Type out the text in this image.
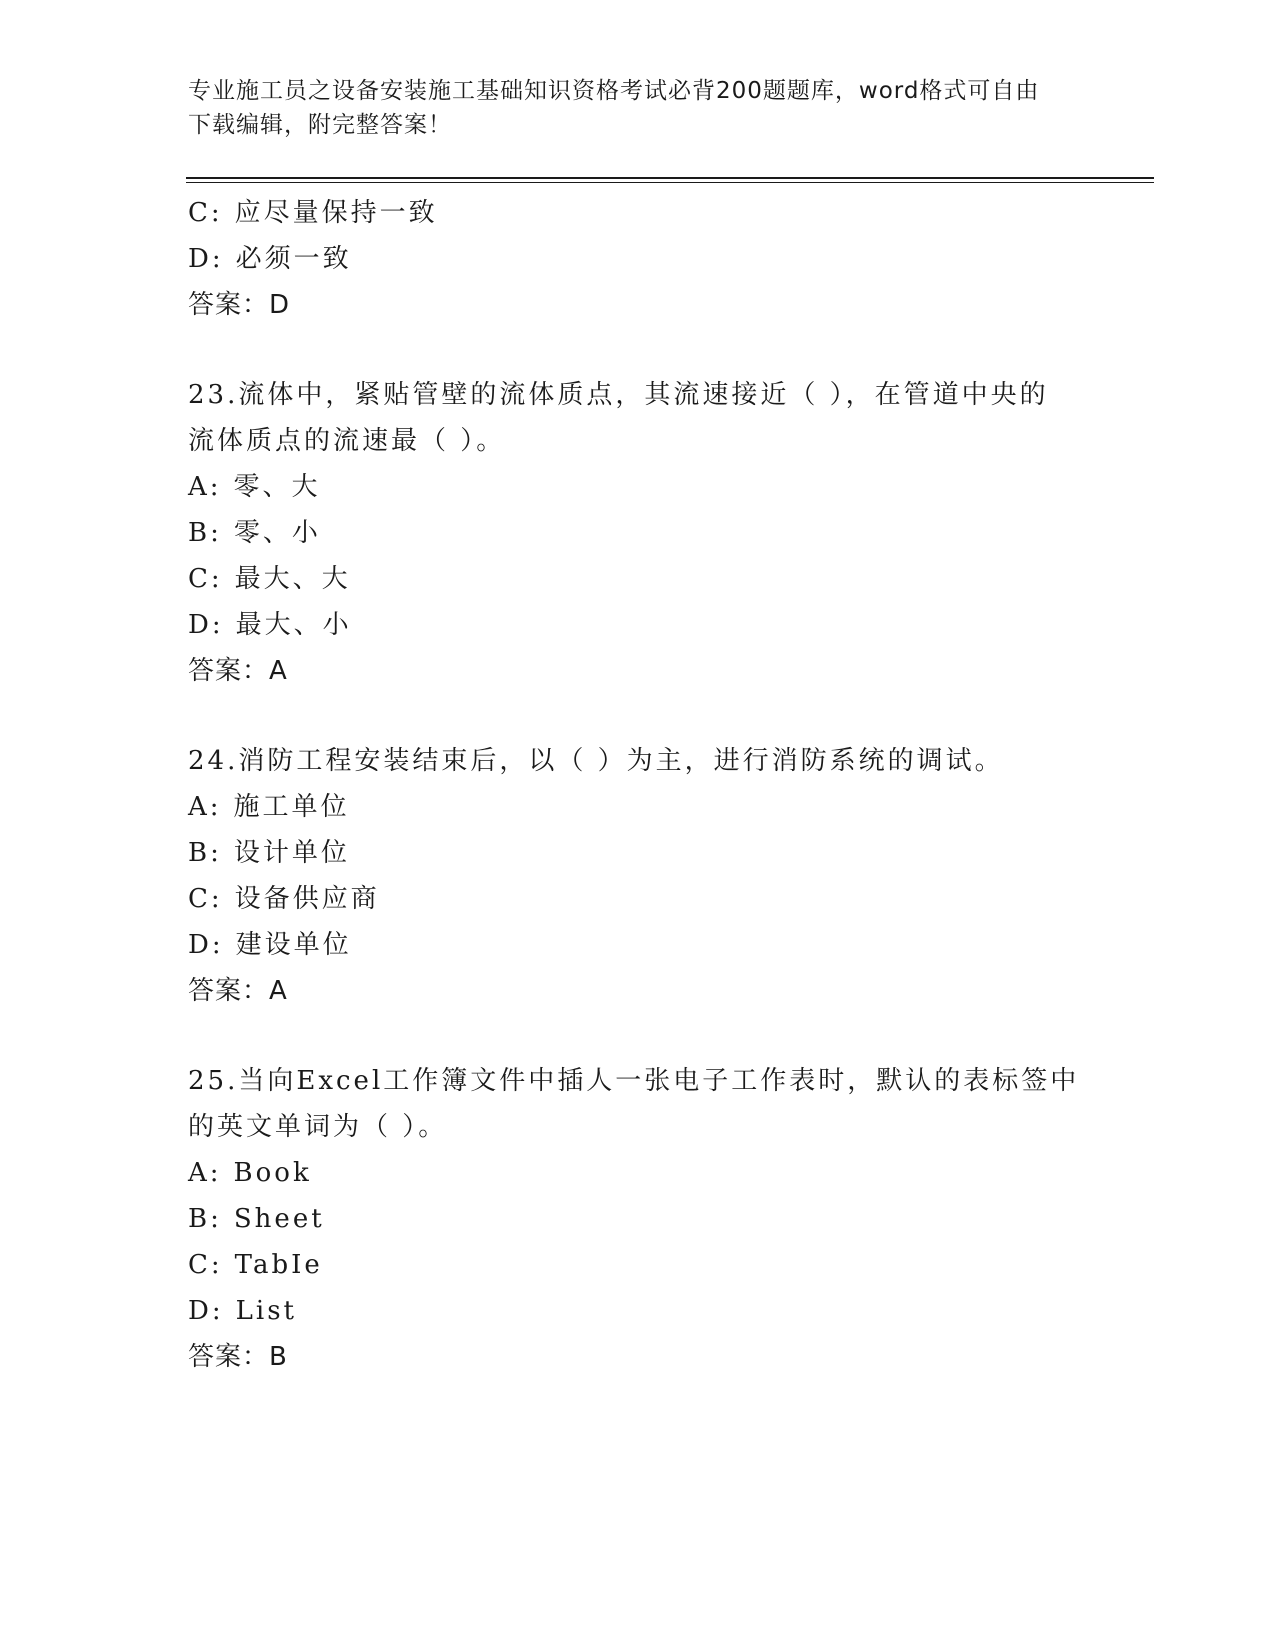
专业施工员之设备安装施工基础知识资格考试必背200题题库，word格式可自由
下载编辑，附完整答案！
C: 应尽量保持一致
D: 必须一致
答案：D
23.流体中，紧贴管壁的流体质点，其流速接近（ ），在管道中央的
流体质点的流速最（ ）。
A: 零、大
B: 零、小
C: 最大、大
D: 最大、小
答案：A
24.消防工程安装结束后，以（ ）为主，进行消防系统的调试。
A: 施工单位
B: 设计单位
C: 设备供应商
D: 建设单位
答案：A
25.当向Excel工作簿文件中插人一张电子工作表时，默认的表标签中
的英文单词为（ ）。
A: Book
B: Sheet
C: TabIe
D: List
答案：B
